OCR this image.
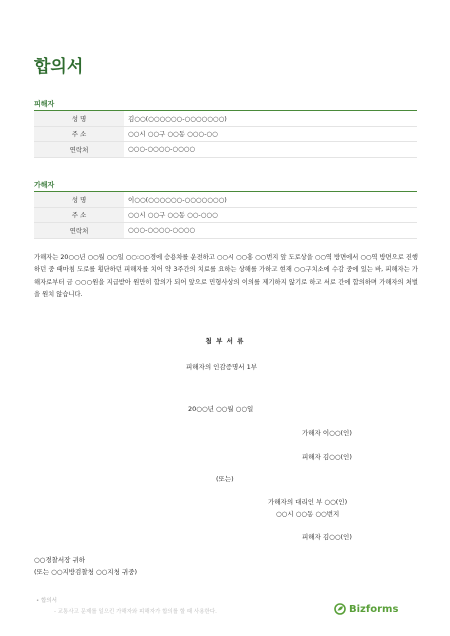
합의서
피해자
성 명	김○○(○○○○○○-○○○○○○○)
주 소	○○시 ○○구 ○○동 ○○○-○○
연락처	○○○-○○○○-○○○○
가해자
성 명	이○○(○○○○○○-○○○○○○○)
주 소	○○시 ○○구 ○○동 ○○-○○○
연락처	○○○-○○○○-○○○○

가해자는 20○○년 ○○월 ○○일 ○○:○○경에 승용차를 운전하고 ○○시 ○○홍 ○○번지 앞 도로상을 ○○역 방면에서 ○○역 방면으로 진행하던 중 때마침 도로를 횡단하던 피해자를 치어 약 3주간의 치료를 요하는 상해를 가하고 현재 ○○구치소에 수감 중에 있는 바, 피해자는 가해자로부터 금 ○○○원을 지급받아 원만히 합의가 되어 앞으로 민형사상의 이의를 제기하지 않기로 하고 서로 간에 합의하며 가해자의 처벌을 원치 않습니다.

첨 부 서 류
피해자의 인감증명서 1부
20○○년 ○○월 ○○일
가해자 이○○(인)
피해자 김○○(인)
(또는)
가해자의 대리인 부 ○○(인)
○○시 ○○동 ○○번지
피해자 김○○(인)
○○경찰서장 귀하
(또는 ○○지방검찰청 ○○지청 귀중)
• 합의서
- 교통사고 문제를 일으킨 가해자와 피해자가 합의를 할 때 사용한다.	Bizforms
